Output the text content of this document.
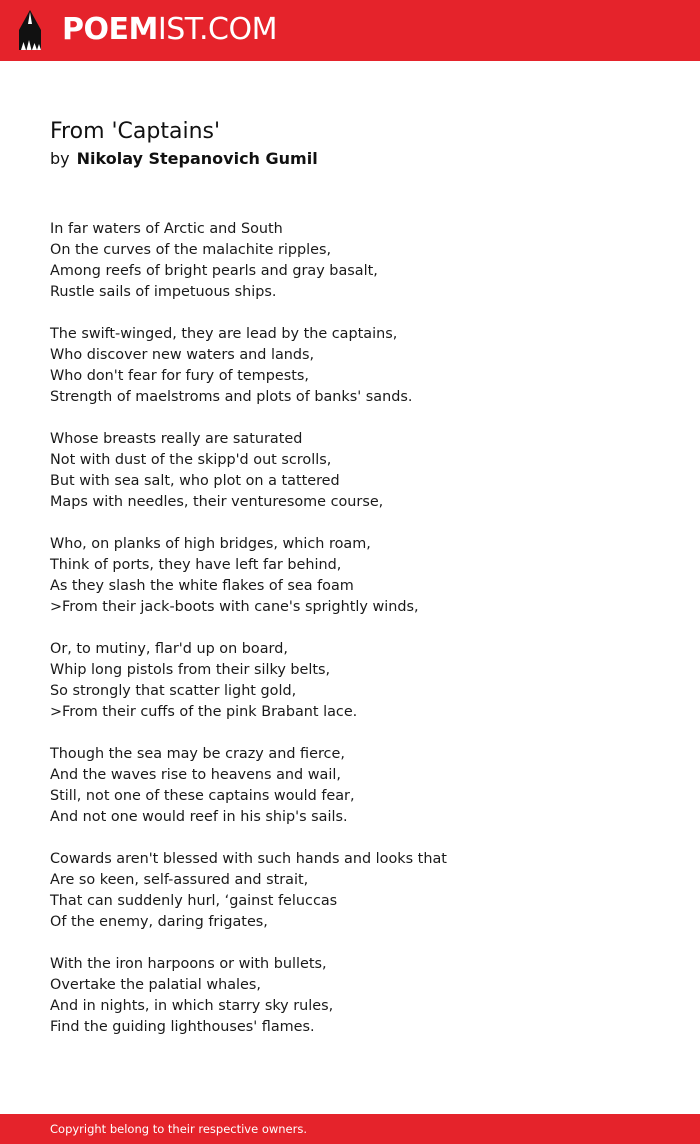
POEMIST.COM
From 'Captains'
by Nikolay Stepanovich Gumil
In far waters of Arctic and South
On the curves of the malachite ripples,
Among reefs of bright pearls and gray basalt,
Rustle sails of impetuous ships.
The swift-winged, they are lead by the captains,
Who discover new waters and lands,
Who don't fear for fury of tempests,
Strength of maelstroms and plots of banks' sands.
Whose breasts really are saturated
Not with dust of the skipp'd out scrolls,
But with sea salt, who plot on a tattered
Maps with needles, their venturesome course,
Who, on planks of high bridges, which roam,
Think of ports, they have left far behind,
As they slash the white flakes of sea foam
>From their jack-boots with cane's sprightly winds,
Or, to mutiny, flar'd up on board,
Whip long pistols from their silky belts,
So strongly that scatter light gold,
>From their cuffs of the pink Brabant lace.
Though the sea may be crazy and fierce,
And the waves rise to heavens and wail,
Still, not one of these captains would fear,
And not one would reef in his ship's sails.
Cowards aren't blessed with such hands and looks that
Are so keen, self-assured and strait,
That can suddenly hurl, ‘gainst feluccas
Of the enemy, daring frigates,
With the iron harpoons or with bullets,
Overtake the palatial whales,
And in nights, in which starry sky rules,
Find the guiding lighthouses' flames.
Copyright belong to their respective owners.
